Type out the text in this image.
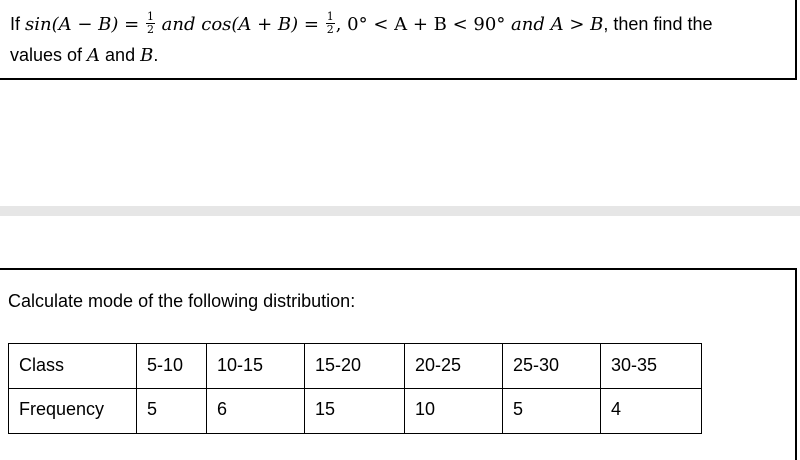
If $\sin(A - B) = \frac{1}{2}$ and $\cos(A + B) = \frac{1}{2}$ , 0° < A + B < 90° and A > B, then find the
values of A and B.
Calculate mode of the following distribution:
Class	5-10	10-15	15-20	20-25	25-30	30-35
Frequency	5	6	15	10	5	4
